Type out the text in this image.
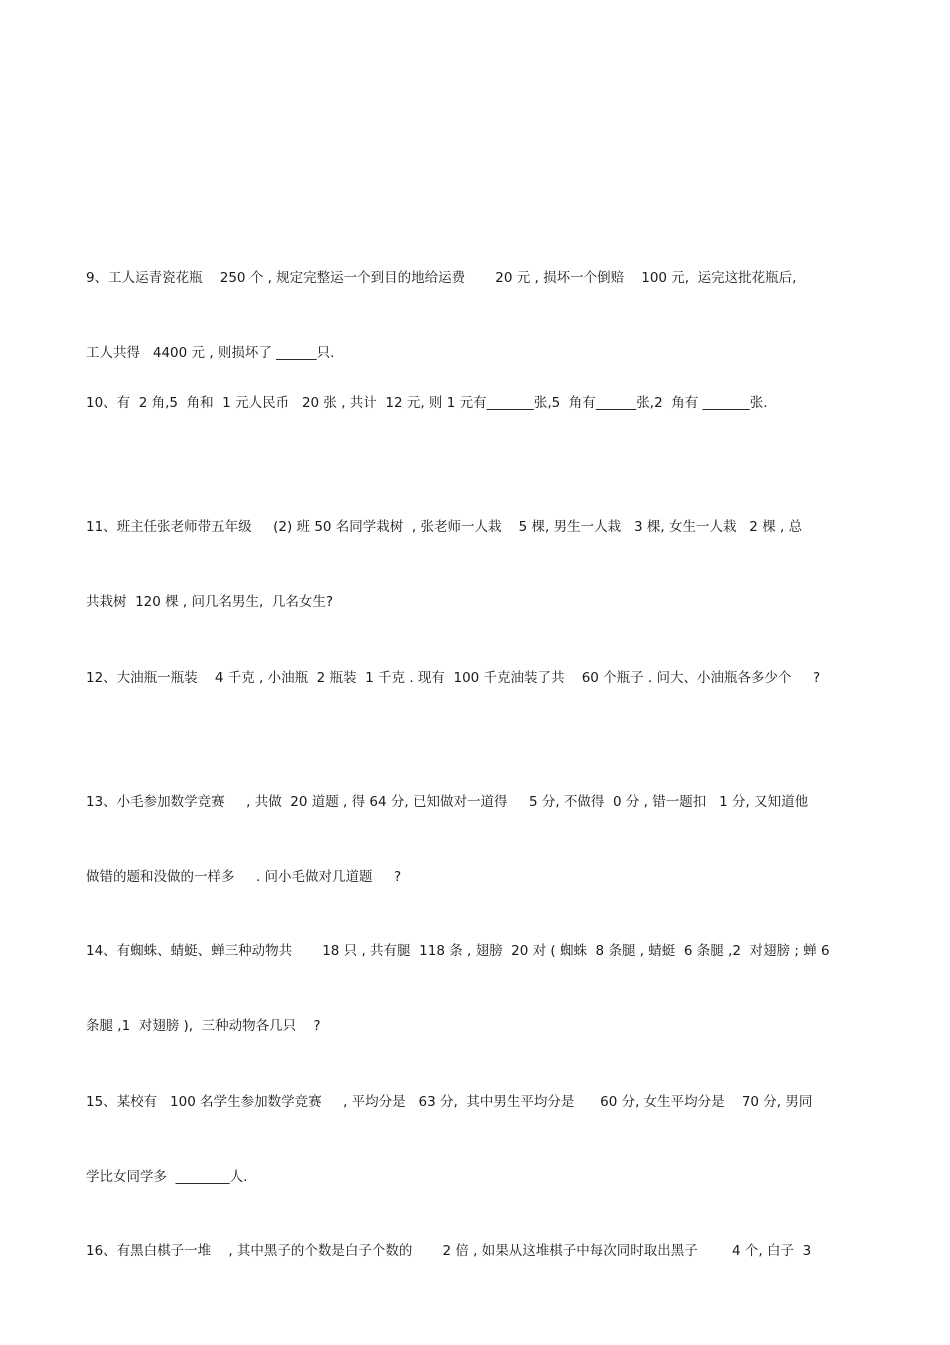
9、工人运青瓷花瓶    250 个 , 规定完整运一个到目的地给运费       20 元 , 损坏一个倒赔    100 元,  运完这批花瓶后,

工人共得   4400 元 , 则损坏了 ______只.

10、有  2 角,5  角和  1 元人民币   20 张 , 共计  12 元, 则 1 元有_______张,5  角有______张,2  角有 _______张.

11、班主任张老师带五年级     (2) 班 50 名同学栽树  , 张老师一人栽    5 棵, 男生一人栽   3 棵, 女生一人栽   2 棵 , 总

共栽树  120 棵 , 问几名男生,  几名女生?

12、大油瓶一瓶装    4 千克 , 小油瓶  2 瓶装  1 千克 . 现有  100 千克油装了共    60 个瓶子 . 问大、小油瓶各多少个     ?

13、小毛参加数学竞赛     , 共做  20 道题 , 得 64 分, 已知做对一道得     5 分, 不做得  0 分 , 错一题扣   1 分, 又知道他

做错的题和没做的一样多     . 问小毛做对几道题     ?

14、有蜘蛛、蜻蜓、蝉三种动物共       18 只 , 共有腿  118 条 , 翅膀  20 对 ( 蜘蛛  8 条腿 , 蜻蜓  6 条腿 ,2  对翅膀 ; 蝉 6

条腿 ,1  对翅膀 ),  三种动物各几只    ?

15、某校有   100 名学生参加数学竞赛     , 平均分是   63 分,  其中男生平均分是      60 分, 女生平均分是    70 分, 男同

学比女同学多  ________人.

16、有黑白棋子一堆    , 其中黑子的个数是白子个数的       2 倍 , 如果从这堆棋子中每次同时取出黑子        4 个, 白子  3
